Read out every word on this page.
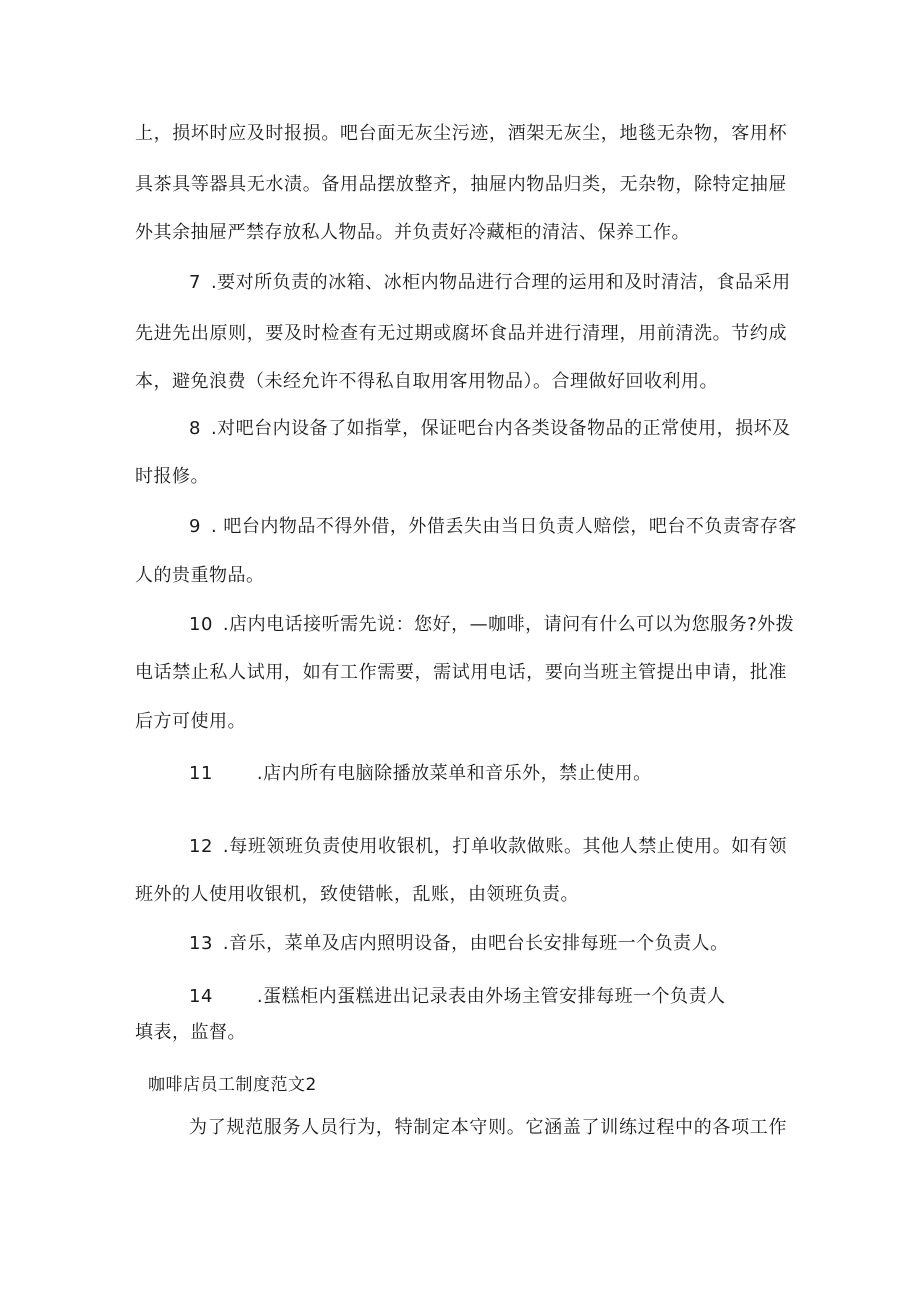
上，损坏时应及时报损。吧台面无灰尘污迹，酒架无灰尘，地毯无杂物，客用杯
具茶具等器具无水渍。备用品摆放整齐，抽屉内物品归类，无杂物，除特定抽屉
外其余抽屉严禁存放私人物品。并负责好冷藏柜的清洁、保养工作。
7 .要对所负责的冰箱、冰柜内物品进行合理的运用和及时清洁，食品采用
先进先出原则，要及时检查有无过期或腐坏食品并进行清理，用前清洗。节约成
本，避免浪费（未经允许不得私自取用客用物品）。合理做好回收利用。
8 .对吧台内设备了如指掌，保证吧台内各类设备物品的正常使用，损坏及
时报修。
9 . 吧台内物品不得外借，外借丢失由当日负责人赔偿，吧台不负责寄存客
人的贵重物品。
10 .店内电话接听需先说：您好，—咖啡，请问有什么可以为您服务?外拨
电话禁止私人试用，如有工作需要，需试用电话，要向当班主管提出申请，批准
后方可使用。
11 .店内所有电脑除播放菜单和音乐外，禁止使用。
12 .每班领班负责使用收银机，打单收款做账。其他人禁止使用。如有领
班外的人使用收银机，致使错帐，乱账，由领班负责。
13 .音乐，菜单及店内照明设备，由吧台长安排每班一个负责人。
14 .蛋糕柜内蛋糕进出记录表由外场主管安排每班一个负责人
填表，监督。
咖啡店员工制度范文2
为了规范服务人员行为，特制定本守则。它涵盖了训练过程中的各项工作
